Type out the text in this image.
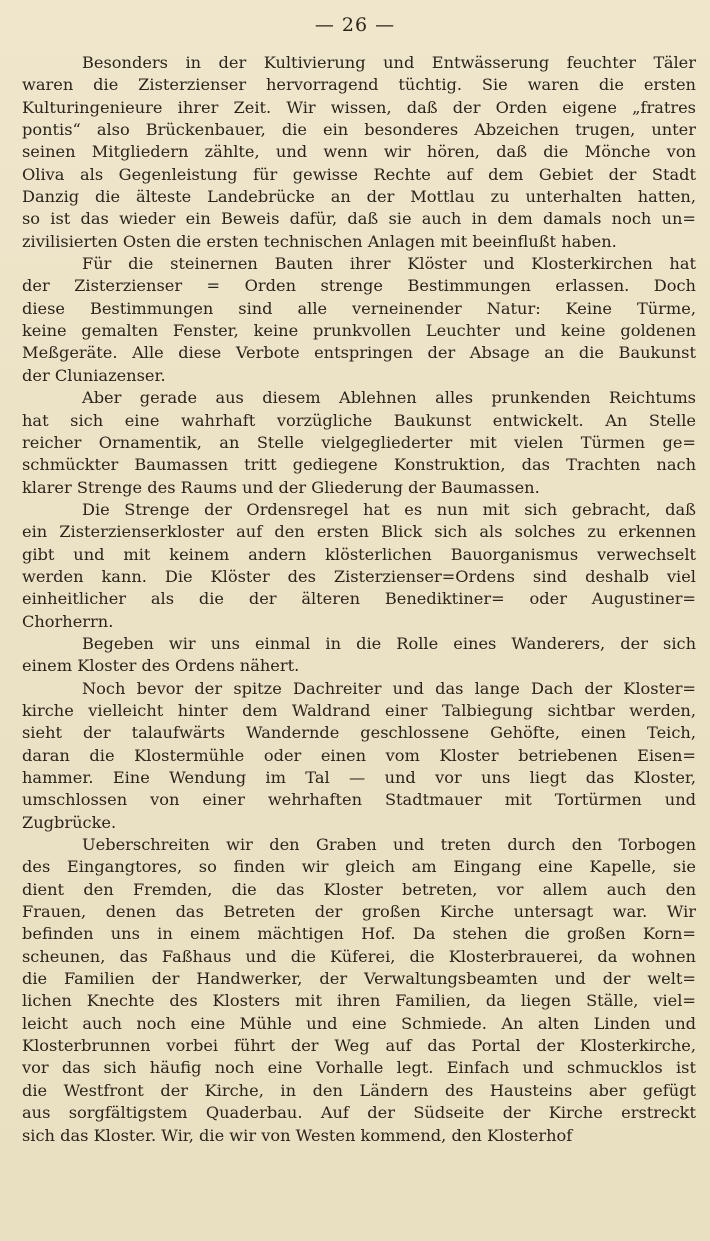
— 26 —
Besonders in der Kultivierung und Entwässerung feuchter Täler
waren die Zisterzienser hervorragend tüchtig. Sie waren die ersten
Kulturingenieure ihrer Zeit. Wir wissen, daß der Orden eigene „fratres
pontis“ also Brückenbauer, die ein besonderes Abzeichen trugen, unter
seinen Mitgliedern zählte, und wenn wir hören, daß die Mönche von
Oliva als Gegenleistung für gewisse Rechte auf dem Gebiet der Stadt
Danzig die älteste Landebrücke an der Mottlau zu unterhalten hatten,
so ist das wieder ein Beweis dafür, daß sie auch in dem damals noch un=
zivilisierten Osten die ersten technischen Anlagen mit beeinflußt haben.
Für die steinernen Bauten ihrer Klöster und Klosterkirchen hat
der Zisterzienser = Orden strenge Bestimmungen erlassen. Doch
diese Bestimmungen sind alle verneinender Natur: Keine Türme,
keine gemalten Fenster, keine prunkvollen Leuchter und keine goldenen
Meßgeräte. Alle diese Verbote entspringen der Absage an die Baukunst
der Cluniazenser.
Aber gerade aus diesem Ablehnen alles prunkenden Reichtums
hat sich eine wahrhaft vorzügliche Baukunst entwickelt. An Stelle
reicher Ornamentik, an Stelle vielgegliederter mit vielen Türmen ge=
schmückter Baumassen tritt gediegene Konstruktion, das Trachten nach
klarer Strenge des Raums und der Gliederung der Baumassen.
Die Strenge der Ordensregel hat es nun mit sich gebracht, daß
ein Zisterzienserkloster auf den ersten Blick sich als solches zu erkennen
gibt und mit keinem andern klösterlichen Bauorganismus verwechselt
werden kann. Die Klöster des Zisterzienser=Ordens sind deshalb viel
einheitlicher als die der älteren Benediktiner= oder Augustiner=
Chorherrn.
Begeben wir uns einmal in die Rolle eines Wanderers, der sich
einem Kloster des Ordens nähert.
Noch bevor der spitze Dachreiter und das lange Dach der Kloster=
kirche vielleicht hinter dem Waldrand einer Talbiegung sichtbar werden,
sieht der talaufwärts Wandernde geschlossene Gehöfte, einen Teich,
daran die Klostermühle oder einen vom Kloster betriebenen Eisen=
hammer. Eine Wendung im Tal — und vor uns liegt das Kloster,
umschlossen von einer wehrhaften Stadtmauer mit Tortürmen und
Zugbrücke.
Ueberschreiten wir den Graben und treten durch den Torbogen
des Eingangtores, so finden wir gleich am Eingang eine Kapelle, sie
dient den Fremden, die das Kloster betreten, vor allem auch den
Frauen, denen das Betreten der großen Kirche untersagt war. Wir
befinden uns in einem mächtigen Hof. Da stehen die großen Korn=
scheunen, das Faßhaus und die Küferei, die Klosterbrauerei, da wohnen
die Familien der Handwerker, der Verwaltungsbeamten und der welt=
lichen Knechte des Klosters mit ihren Familien, da liegen Ställe, viel=
leicht auch noch eine Mühle und eine Schmiede. An alten Linden und
Klosterbrunnen vorbei führt der Weg auf das Portal der Klosterkirche,
vor das sich häufig noch eine Vorhalle legt. Einfach und schmucklos ist
die Westfront der Kirche, in den Ländern des Hausteins aber gefügt
aus sorgfältigstem Quaderbau. Auf der Südseite der Kirche erstreckt
sich das Kloster. Wir, die wir von Westen kommend, den Klosterhof
